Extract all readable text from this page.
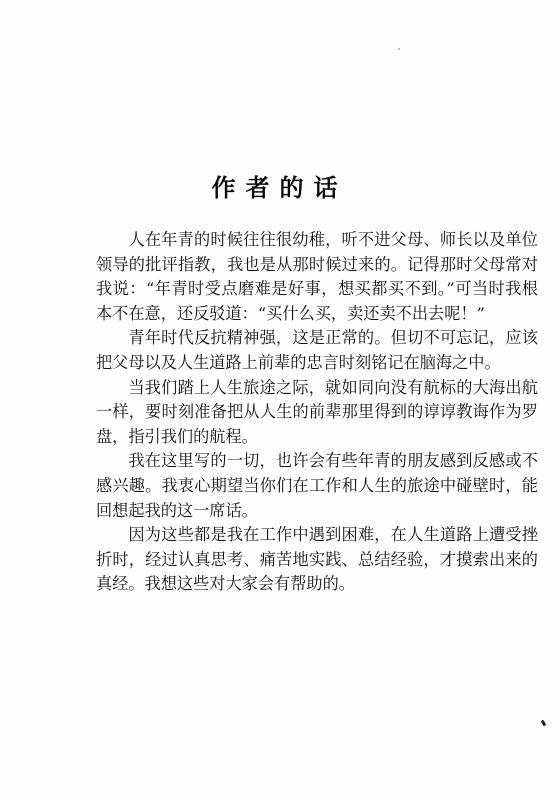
作者的话

人在年青的时候往往很幼稚，听不进父母、师长以及单位领导的批评指教，我也是从那时候过来的。记得那时父母常对我说：“年青时受点磨难是好事，想买都买不到。”可当时我根本不在意，还反驳道：“买什么买，卖还卖不出去呢！”

青年时代反抗精神强，这是正常的。但切不可忘记，应该把父母以及人生道路上前辈的忠言时刻铭记在脑海之中。

当我们踏上人生旅途之际，就如同向没有航标的大海出航一样，要时刻准备把从人生的前辈那里得到的谆谆教诲作为罗盘，指引我们的航程。

我在这里写的一切，也许会有些年青的朋友感到反感或不感兴趣。我衷心期望当你们在工作和人生的旅途中碰壁时，能回想起我的这一席话。

因为这些都是我在工作中遇到困难，在人生道路上遭受挫折时，经过认真思考、痛苦地实践、总结经验，才摸索出来的真经。我想这些对大家会有帮助的。
